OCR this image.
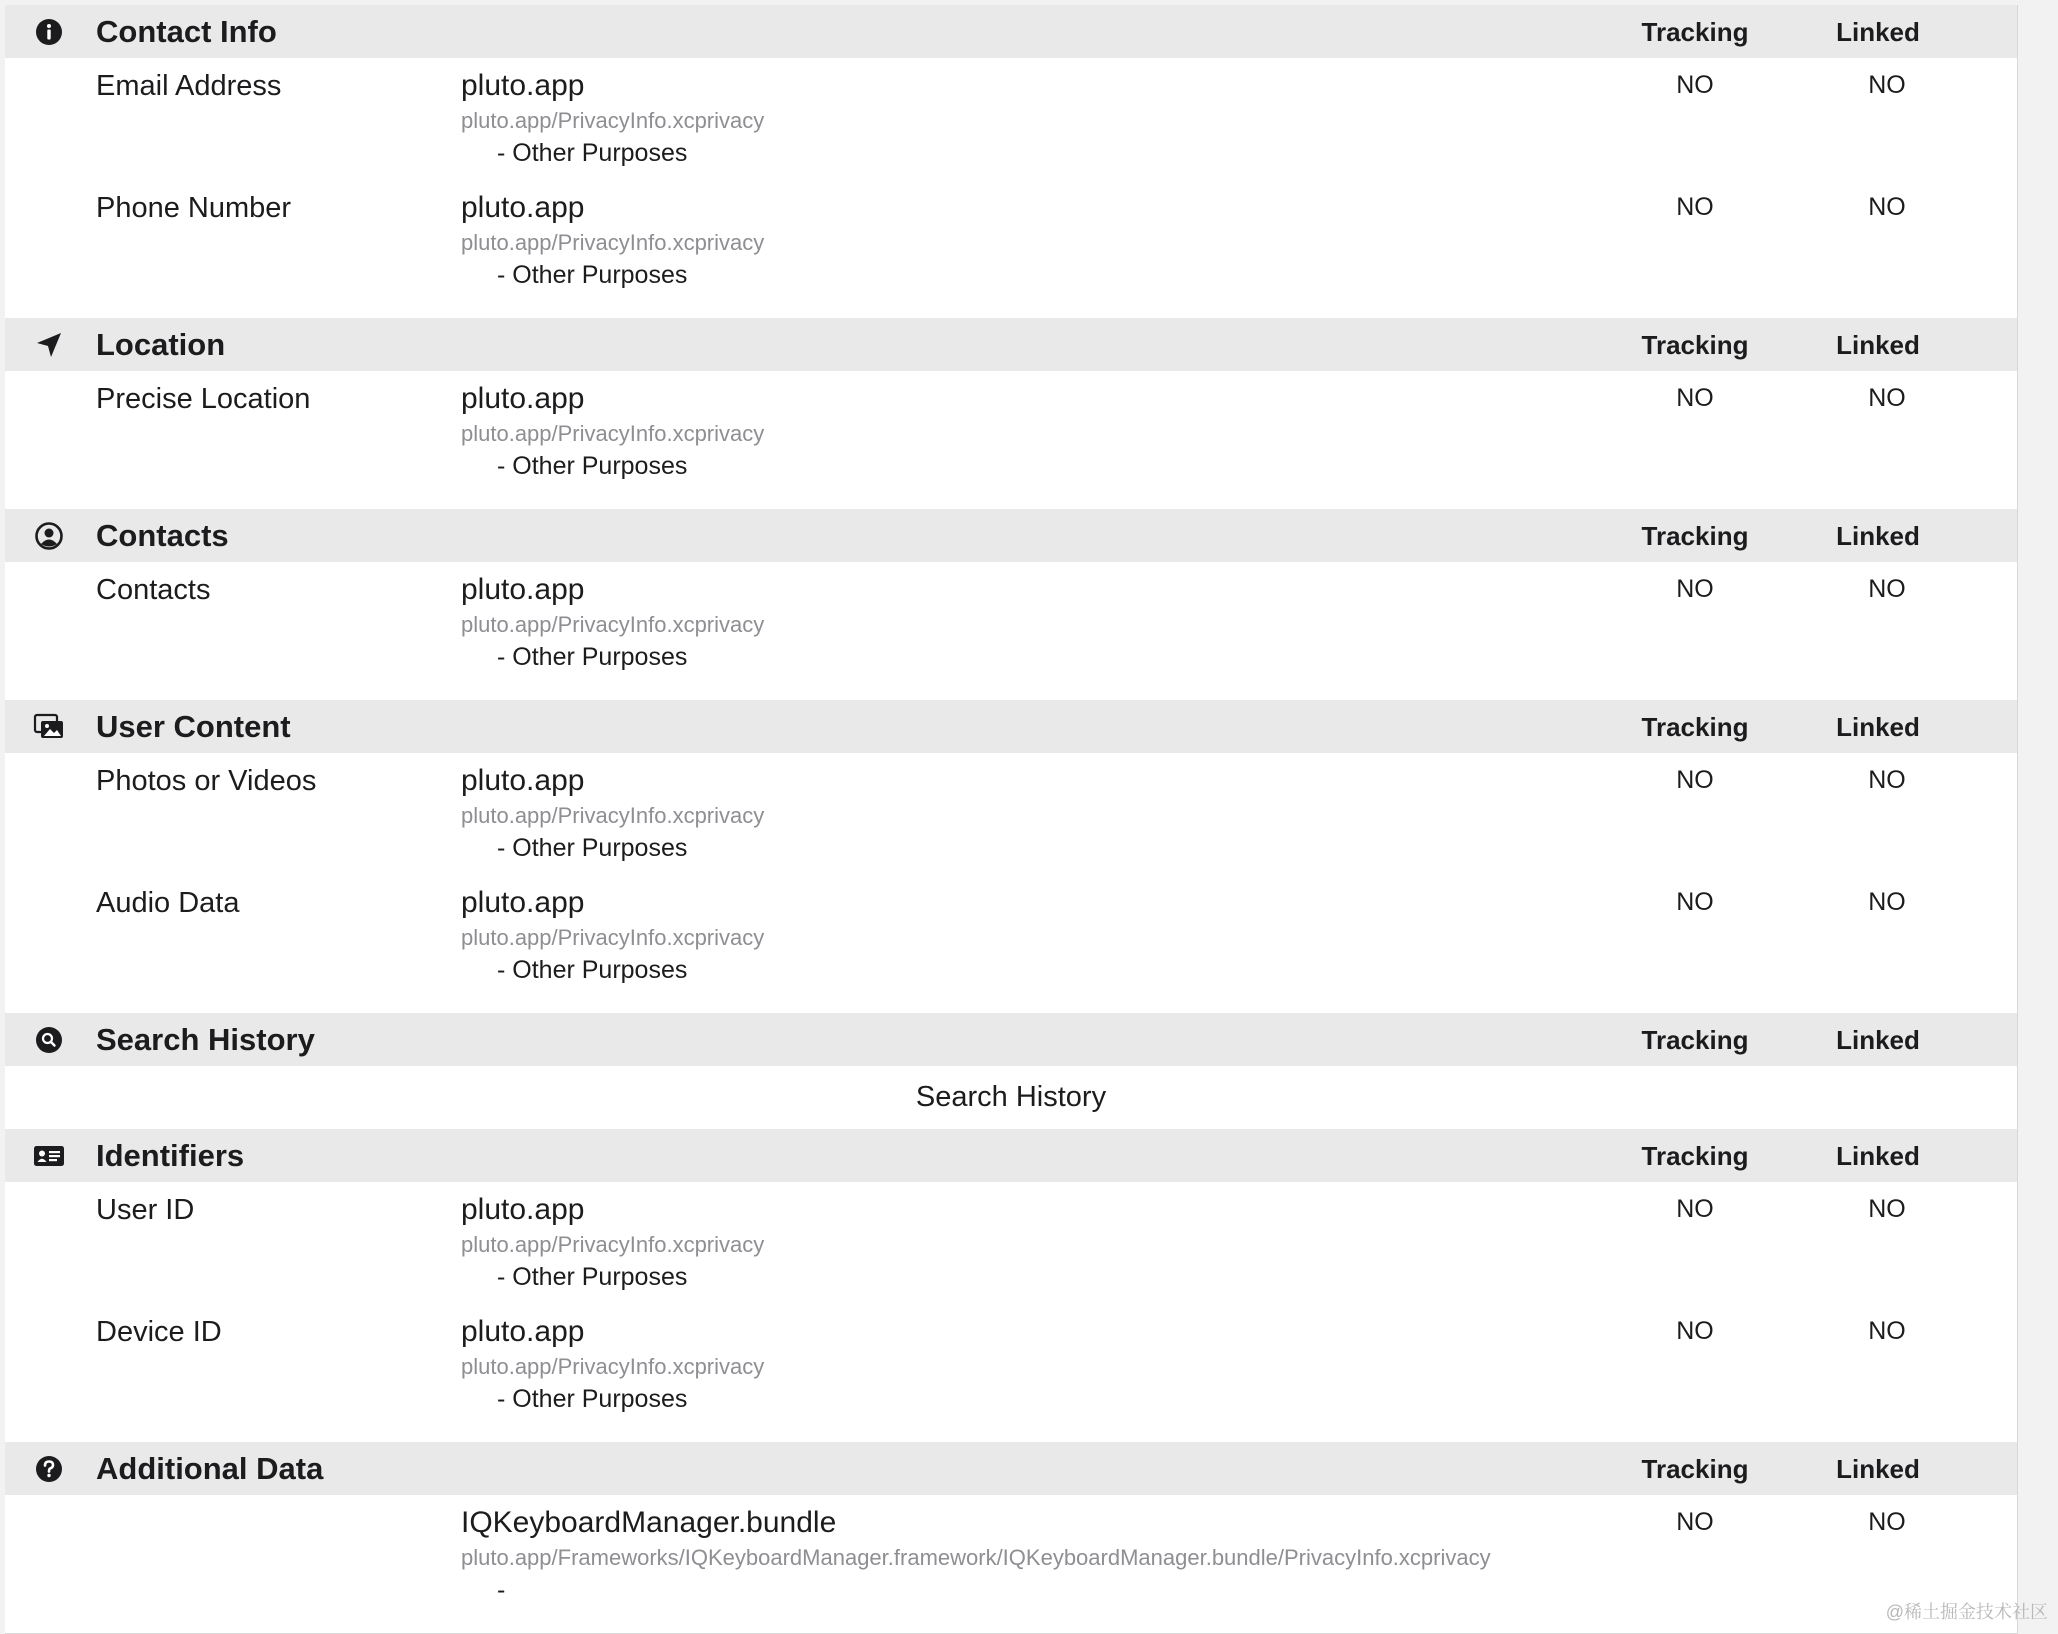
Contact Info	Tracking	Linked
Email Address	pluto.app
pluto.app/PrivacyInfo.xcprivacy
- Other Purposes
NO	NO
Phone Number	pluto.app
pluto.app/PrivacyInfo.xcprivacy
- Other Purposes
NO	NO
Location	Tracking	Linked
Precise Location	pluto.app
pluto.app/PrivacyInfo.xcprivacy
- Other Purposes
NO	NO
Contacts	Tracking	Linked
Contacts	pluto.app
pluto.app/PrivacyInfo.xcprivacy
- Other Purposes
NO	NO
User Content	Tracking	Linked
Photos or Videos	pluto.app
pluto.app/PrivacyInfo.xcprivacy
- Other Purposes
NO	NO
Audio Data	pluto.app
pluto.app/PrivacyInfo.xcprivacy
- Other Purposes
NO	NO
Search History	Tracking	Linked
Search History
Identifiers	Tracking	Linked
User ID	pluto.app
pluto.app/PrivacyInfo.xcprivacy
- Other Purposes
NO	NO
Device ID	pluto.app
pluto.app/PrivacyInfo.xcprivacy
- Other Purposes
NO	NO
Additional Data	Tracking	Linked
IQKeyboardManager.bundle
pluto.app/Frameworks/IQKeyboardManager.framework/IQKeyboardManager.bundle/PrivacyInfo.xcprivacy
-
NO	NO
@稀土掘金技术社区
